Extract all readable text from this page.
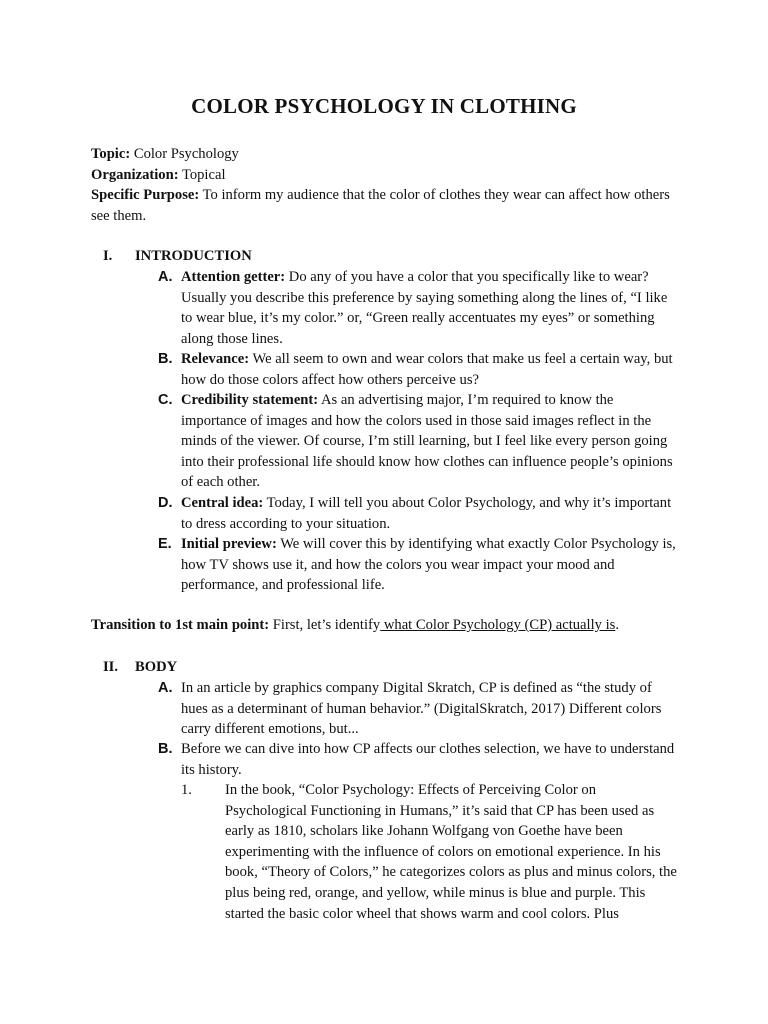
COLOR PSYCHOLOGY IN CLOTHING

Topic: Color Psychology

Organization: Topical

Specific Purpose: To inform my audience that the color of clothes they wear can affect how others see them.

I.	INTRODUCTION
A. Attention getter: Do any of you have a color that you specifically like to wear? Usually you describe this preference by saying something along the lines of, “I like to wear blue, it’s my color.” or, “Green really accentuates my eyes” or something along those lines.
B. Relevance: We all seem to own and wear colors that make us feel a certain way, but how do those colors affect how others perceive us?
C. Credibility statement: As an advertising major, I’m required to know the importance of images and how the colors used in those said images reflect in the minds of the viewer. Of course, I’m still learning, but I feel like every person going into their professional life should know how clothes can influence people’s opinions of each other.
D. Central idea: Today, I will tell you about Color Psychology, and why it’s important to dress according to your situation.
E. Initial preview: We will cover this by identifying what exactly Color Psychology is, how TV shows use it, and how the colors you wear impact your mood and performance, and professional life.
Transition to 1st main point: First, let’s identify what Color Psychology (CP) actually is.
II.	BODY
A. In an article by graphics company Digital Skratch, CP is defined as “the study of hues as a determinant of human behavior.” (DigitalSkratch, 2017) Different colors carry different emotions, but...
B. Before we can dive into how CP affects our clothes selection, we have to understand its history.
1.	In the book, “Color Psychology: Effects of Perceiving Color on Psychological Functioning in Humans,” it’s said that CP has been used as early as 1810, scholars like Johann Wolfgang von Goethe have been experimenting with the influence of colors on emotional experience. In his book, “Theory of Colors,” he categorizes colors as plus and minus colors, the plus being red, orange, and yellow, while minus is blue and purple. This started the basic color wheel that shows warm and cool colors. Plus
